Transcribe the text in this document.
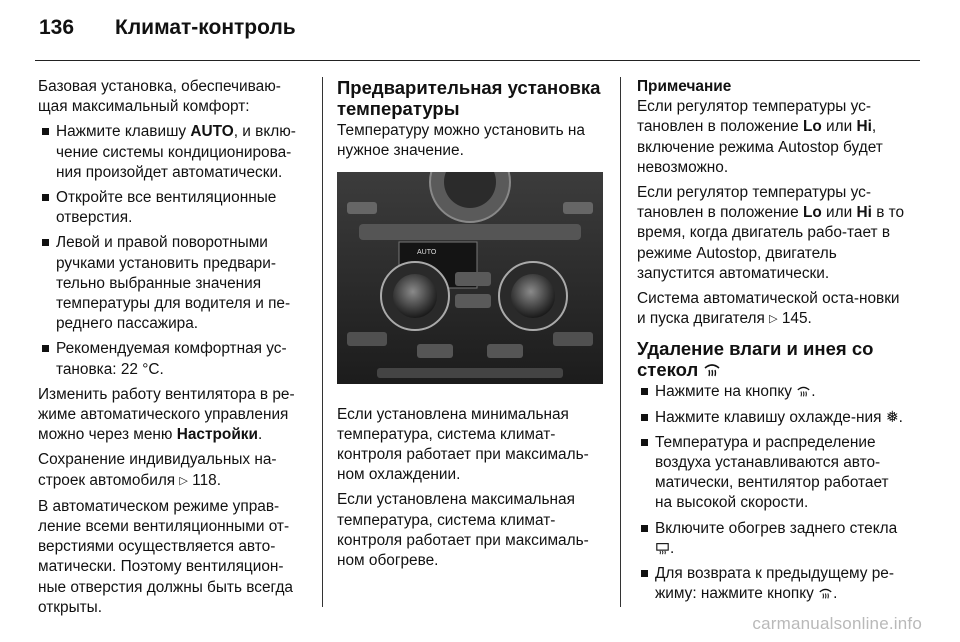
136	Климат-контроль

Базовая установка, обеспечиваю-щая максимальный комфорт:

Нажмите клавишу AUTO, и вклю-чение системы кондиционирова-ния произойдет автоматически.
Откройте все вентиляционные отверстия.
Левой и правой поворотными ручками установить предвари-тельно выбранные значения температуры для водителя и пе-реднего пассажира.
Рекомендуемая комфортная ус-тановка: 22 °C.

Изменить работу вентилятора в ре-жиме автоматического управления можно через меню Настройки.

Сохранение индивидуальных на-строек автомобиля ▷ 118.

В автоматическом режиме управ-ление всеми вентиляционными от-верстиями осуществляется авто-матически. Поэтому вентиляцион-ные отверстия должны быть всегда открыты.

Предварительная установка температуры

Температуру можно установить на нужное значение.

AUTO

Если установлена минимальная температура, система климат-контроля работает при максималь-ном охлаждении.

Если установлена максимальная температура, система климат-контроля работает при максималь-ном обогреве.

Примечание
Если регулятор температуры ус-тановлен в положение Lo или Hi, включение режима Autostop будет невозможно.

Если регулятор температуры ус-тановлен в положение Lo или Hi в то время, когда двигатель рабо-тает в режиме Autostop, двигатель запустится автоматически.

Система автоматической оста-новки и пуска двигателя ▷ 145.

Удаление влаги и инея со стекол
Нажмите на кнопку .
Нажмите клавишу охлажде-ния ❅.
Температура и распределение воздуха устанавливаются авто-матически, вентилятор работает на высокой скорости.
Включите обогрев заднего стекла .
Для возврата к предыдущему ре-жиму: нажмите кнопку .
carmanualsonline.info
